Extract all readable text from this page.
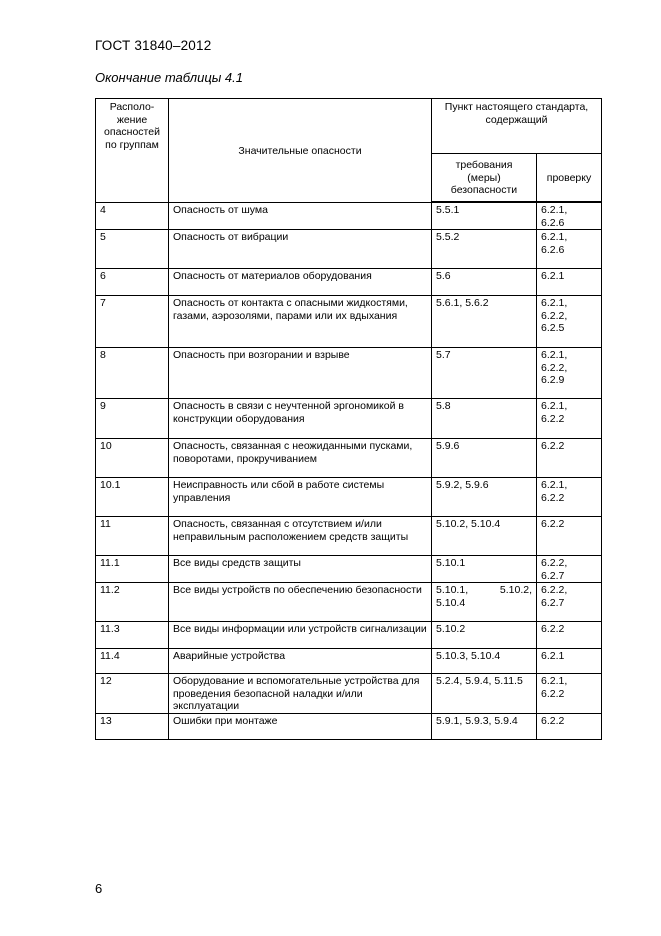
ГОСТ 31840–2012
Окончание таблицы 4.1
Располо-
жение
опасностей
по группам	Значительные опасности	Пункт настоящего стандарта, содержащий	
		требования
(меры)
безопасности	проверку
4	Опасность от шума	5.5.1	6.2.1,
6.2.6
5	Опасность от вибрации	5.5.2	6.2.1,
6.2.6
6	Опасность от материалов оборудования	5.6	6.2.1
7	Опасность от контакта с опасными жидкостями, газами, аэрозолями, парами или их вдыхания	5.6.1, 5.6.2	6.2.1,
6.2.2,
6.2.5
8	Опасность при возгорании и взрыве	5.7	6.2.1,
6.2.2,
6.2.9
9	Опасность в связи с неучтенной эргономикой в конструкции оборудования	5.8	6.2.1,
6.2.2
10	Опасность, связанная с неожиданными пусками, поворотами, прокручиванием	5.9.6	6.2.2
10.1	Неисправность или сбой в работе системы управления	5.9.2, 5.9.6	6.2.1,
6.2.2
11	Опасность, связанная с отсутствием и/или неправильным расположением средств защиты	5.10.2, 5.10.4	6.2.2
11.1	Все виды средств защиты	5.10.1	6.2.2,
6.2.7
11.2	Все виды устройств по обеспечению безопасности	5.10.1, 5.10.2, 5.10.4	6.2.2,
6.2.7
11.3	Все виды информации или устройств сигнализации	5.10.2	6.2.2
11.4	Аварийные устройства	5.10.3, 5.10.4	6.2.1
12	Оборудование и вспомогательные устройства для проведения безопасной наладки и/или эксплуатации	5.2.4, 5.9.4, 5.11.5	6.2.1,
6.2.2
13	Ошибки при монтаже	5.9.1, 5.9.3, 5.9.4	6.2.2
6
